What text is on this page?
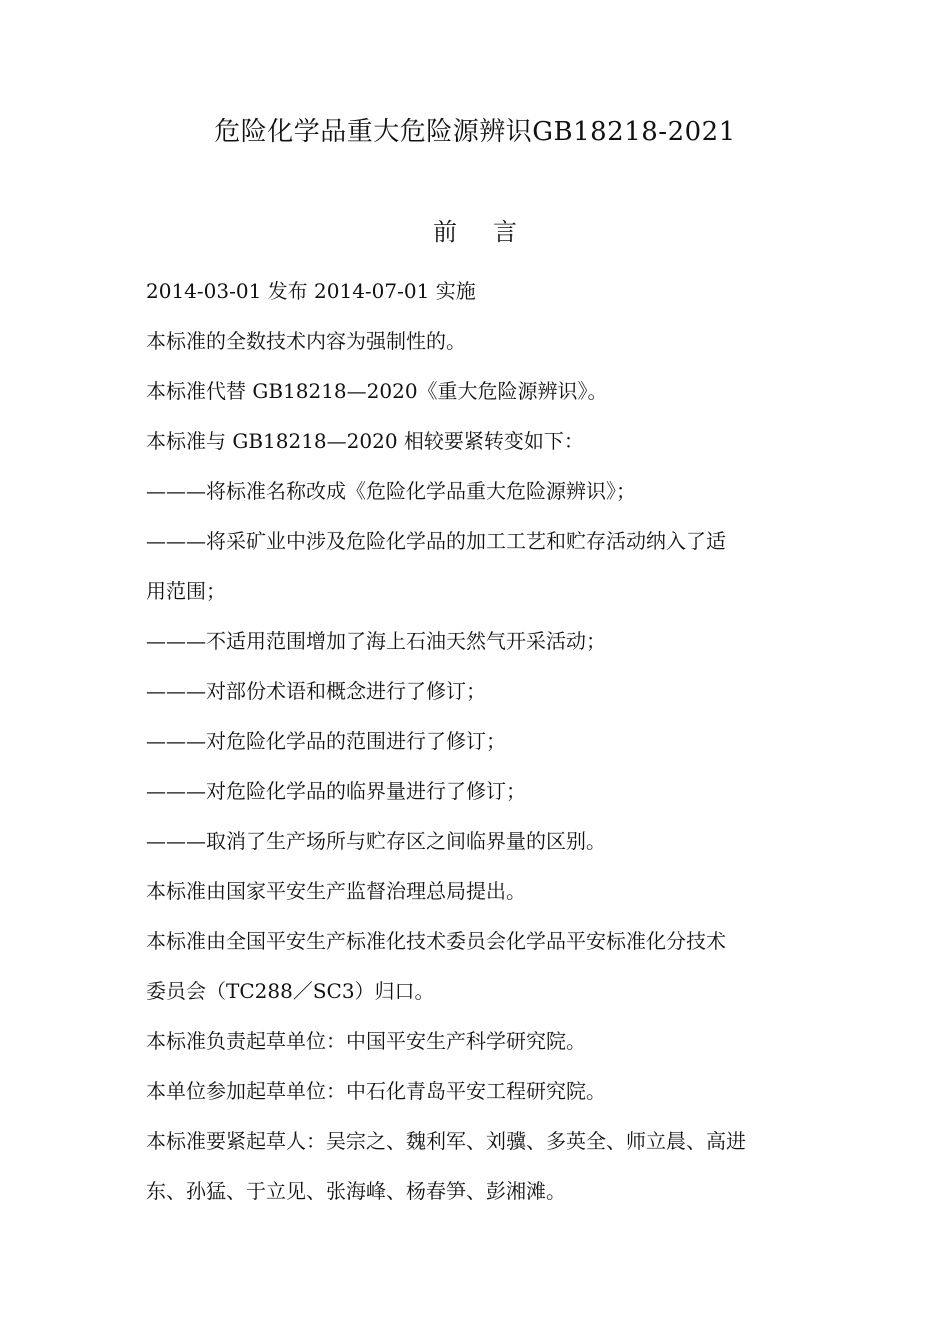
危险化学品重大危险源辨识GB18218-2021
前 言
2014-03-01 发布 2014-07-01 实施
本标准的全数技术内容为强制性的。
本标准代替 GB18218—2020《重大危险源辨识》。
本标准与 GB18218—2020 相较要紧转变如下：
———将标准名称改成《危险化学品重大危险源辨识》；
———将采矿业中涉及危险化学品的加工工艺和贮存活动纳入了适
用范围；
———不适用范围增加了海上石油天然气开采活动；
———对部份术语和概念进行了修订；
———对危险化学品的范围进行了修订；
———对危险化学品的临界量进行了修订；
———取消了生产场所与贮存区之间临界量的区别。
本标准由国家平安生产监督治理总局提出。
本标准由全国平安生产标准化技术委员会化学品平安标准化分技术
委员会（TC288／SC3）归口。
本标准负责起草单位：中国平安生产科学研究院。
本单位参加起草单位：中石化青岛平安工程研究院。
本标准要紧起草人：吴宗之、魏利军、刘骥、多英全、师立晨、高进
东、孙猛、于立见、张海峰、杨春笋、彭湘滩。
